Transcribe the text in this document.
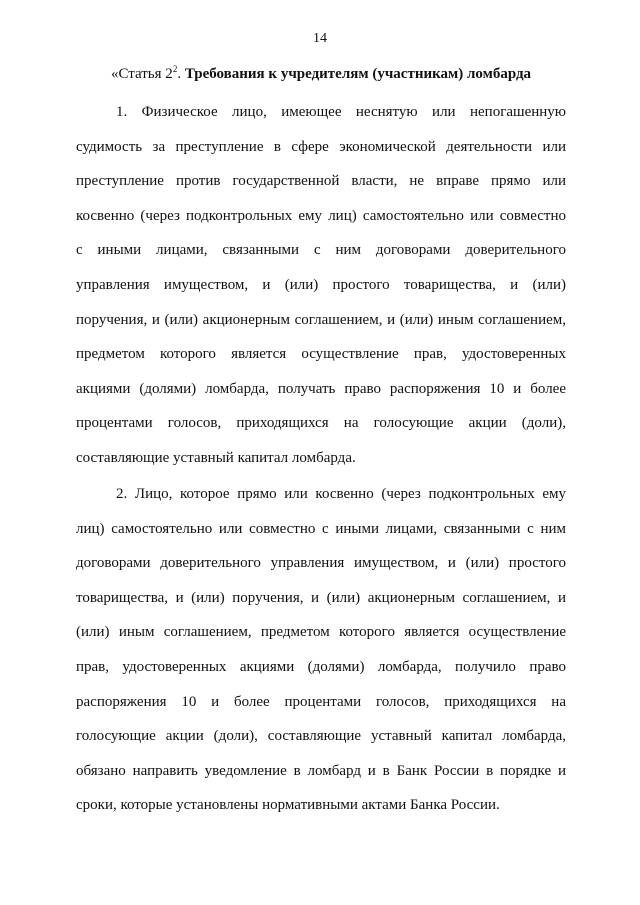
14
«Статья $2^2$. Требования к учредителям (участникам) ломбарда
1. Физическое лицо, имеющее неснятую или непогашенную
судимость за преступление в сфере экономической деятельности или
преступление против государственной власти, не вправе прямо или
косвенно (через подконтрольных ему лиц) самостоятельно или совместно
с иными лицами, связанными с ним договорами доверительного
управления имуществом, и (или) простого товарищества, и (или)
поручения, и (или) акционерным соглашением, и (или) иным соглашением,
предметом которого является осуществление прав, удостоверенных
акциями (долями) ломбарда, получать право распоряжения 10 и более
процентами голосов, приходящихся на голосующие акции (доли),
составляющие уставный капитал ломбарда.
2. Лицо, которое прямо или косвенно (через подконтрольных ему
лиц) самостоятельно или совместно с иными лицами, связанными с ним
договорами доверительного управления имуществом, и (или) простого
товарищества, и (или) поручения, и (или) акционерным соглашением, и
(или) иным соглашением, предметом которого является осуществление
прав, удостоверенных акциями (долями) ломбарда, получило право
распоряжения 10 и более процентами голосов, приходящихся на
голосующие акции (доли), составляющие уставный капитал ломбарда,
обязано направить уведомление в ломбард и в Банк России в порядке и
сроки, которые установлены нормативными актами Банка России.
